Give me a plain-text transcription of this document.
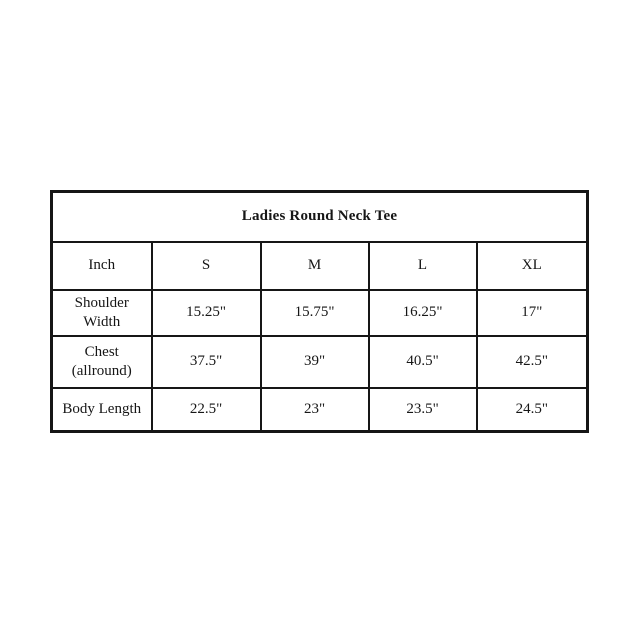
Ladies Round Neck Tee				
Inch	S	M	L	XL
Shoulder Width	15.25"	15.75"	16.25"	17"
Chest (allround)	37.5"	39"	40.5"	42.5"
Body Length	22.5"	23"	23.5"	24.5"
